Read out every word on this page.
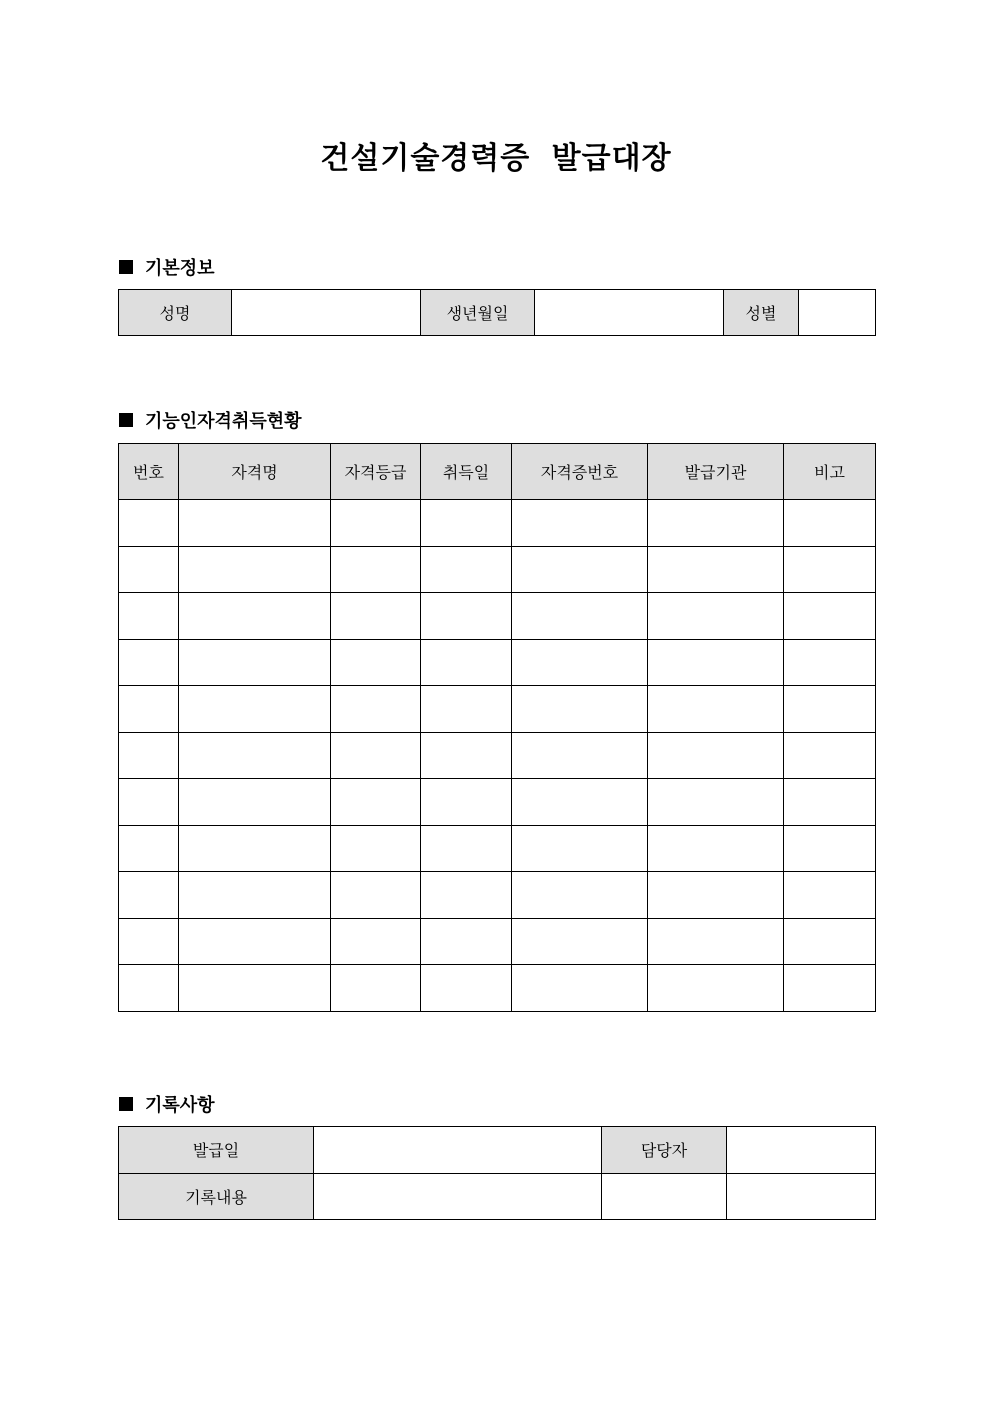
건설기술경력증 발급대장
기본정보
성명		생년월일		성별	
기능인자격취득현황
번호	자격명	자격등급	취득일	자격증번호	발급기관	비고

기록사항
발급일		담당자	
기록내용			
